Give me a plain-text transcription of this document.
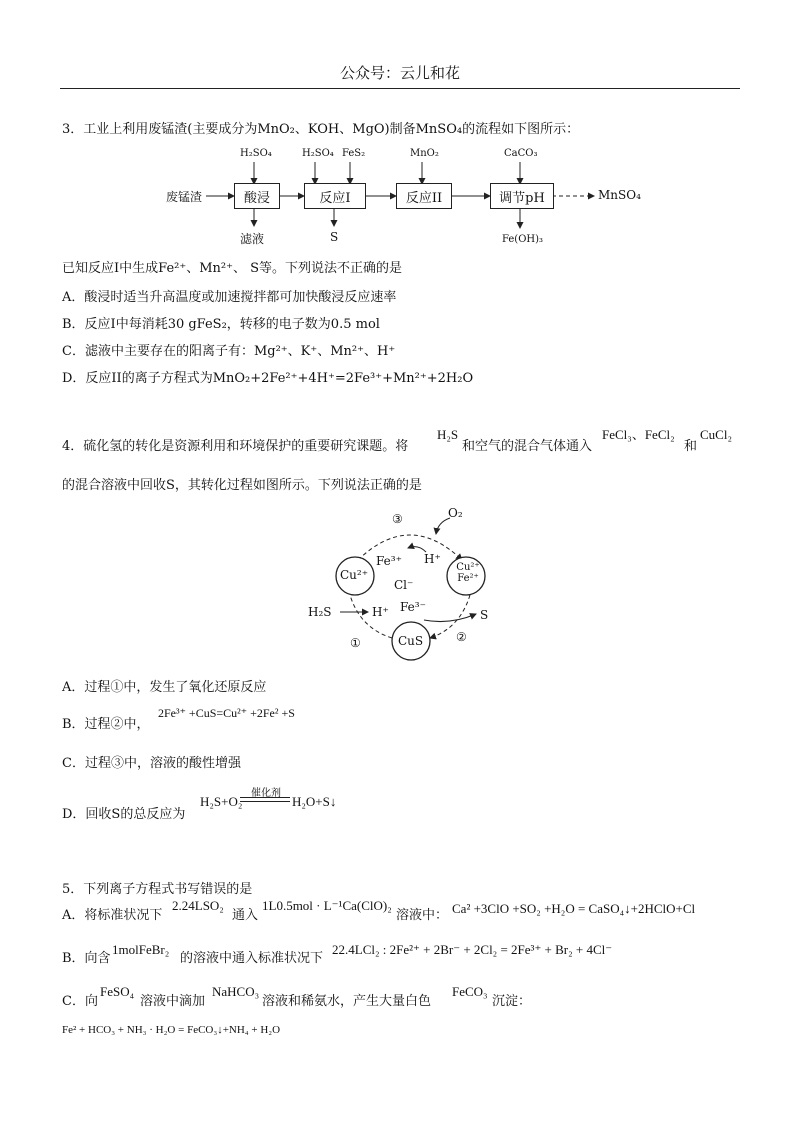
公众号：云儿和花
3．工业上利用废锰渣(主要成分为MnO₂、KOH、MgO)制备MnSO₄的流程如下图所示：
废锰渣	酸浸	反应I	反应II	调节pH	MnSO₄
H₂SO₄	H₂SO₄ FeS₂	MnO₂	CaCO₃
滤液	S	Fe(OH)₃
已知反应Ⅰ中生成Fe²⁺、Mn²⁺、 S等。下列说法不正确的是
A．酸浸时适当升高温度或加速搅拌都可加快酸浸反应速率
B．反应Ⅰ中每消耗30 gFeS₂，转移的电子数为0.5 mol
C．滤液中主要存在的阳离子有：Mg²⁺、K⁺、Mn²⁺、H⁺
D．反应II的离子方程式为MnO₂+2Fe²⁺+4H⁺=2Fe³⁺+Mn²⁺+2H₂O
4．硫化氢的转化是资源利用和环境保护的重要研究课题。将
H₂S
和空气的混合气体通入
FeCl₃、FeCl₂
和
CuCl₂
的混合溶液中回收S，其转化过程如图所示。下列说法正确的是
Cu²⁺
Cu²⁺ Fe²⁺
CuS
Fe³⁺ H⁺
Cl⁻
H₂S	H⁺ Fe³⁻
S
O₂
①	②
③
A．过程①中，发生了氧化还原反应
B．过程②中，
2Fe³⁺ +CuS=Cu²⁺ +2Fe² +S
C．过程③中，溶液的酸性增强
D．回收S的总反应为
催化剂
H₂S+O₂	H₂O+S↓
5．下列离子方程式书写错误的是
A．将标准状况下
2.24LSO₂
通入
1L0.5mol · L⁻¹Ca(ClO)₂
溶液中： Ca² +3ClO +SO₂ +H₂O = CaSO₄↓+2HClO+Cl
B．向含
1molFeBr₂
的溶液中通入标准状况下
22.4LCl₂ : 2Fe²⁺ + 2Br⁻ + 2Cl₂ = 2Fe³⁺ + Br₂ + 4Cl⁻
C．向
FeSO₄
溶液中滴加
NaHCO₃
溶液和稀氨水，产生大量白色
FeCO₃
沉淀：
Fe² + HCO₃ + NH₃ · H₂O = FeCO₃↓+NH₄ + H₂O
